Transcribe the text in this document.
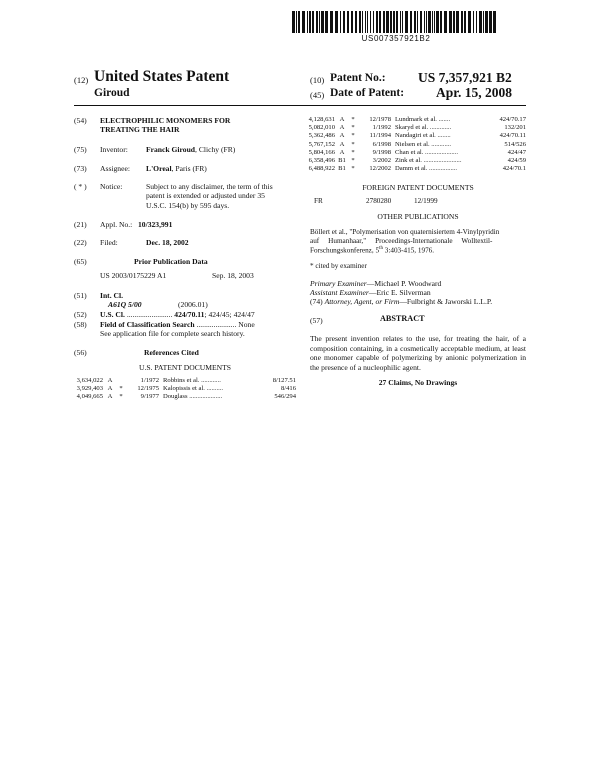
US007357921B2
(12) United States Patent
Giroud
(10) Patent No.: US 7,357,921 B2
(45) Date of Patent: Apr. 15, 2008
(54)	ELECTROPHILIC MONOMERS FOR
TREATING THE HAIR
(75)	Inventor: Franck Giroud, Clichy (FR)
(73)	Assignee: L'Oreal, Paris (FR)
( * )	Notice:	Subject to any disclaimer, the term of this
patent is extended or adjusted under 35
U.S.C. 154(b) by 595 days.
(21)	Appl. No.: 10/323,991
(22)	Filed:	Dec. 18, 2002
(65)	Prior Publication Data
US 2003/0175229 A1	Sep. 18, 2003
(51)	Int. Cl.
A61Q 5/00	(2006.01)
(52)	U.S. Cl. ........................ 424/70.11; 424/45; 424/47
(58)	Field of Classification Search ..................... None
See application file for complete search history.
(56)	References Cited
U.S. PATENT DOCUMENTS
3,634,022 A	1/1972 Robbins et al. ............	8/127.51
3,929,403 A	*	12/1975 Kalopissis et al. ..........	8/416
4,049,665 A	*	9/1977 Douglass ....................	546/294
4,128,631 A	*	12/1978 Lundmark et al. .......	424/70.17
5,082,010 A	*	1/1992 Skaryd et al. .............	132/201
5,362,486 A	*	11/1994 Nandagiri et al. ........	424/70.11
5,767,152 A	*	6/1998 Nielsen et al. ............	514/526
5,804,166 A	*	9/1998 Chan et al. ....................	424/47
6,358,496 B1 *	3/2002 Zink et al. .......................	424/59
6,488,922 B1 *	12/2002 Damm et al. .................	424/70.1
FOREIGN PATENT DOCUMENTS
FR	2780280	12/1999
OTHER PUBLICATIONS
Böllert et al., "Polymerisation von quaternisiertem 4-Vinylpyridin
auf     Humanhaar,"     Proceedings-Internationale     Wolltextil-
Forschungskonferenz, 5th 3:403-415, 1976.
* cited by examiner
Primary Examiner—Michael P. Woodward
Assistant Examiner—Eric E. Silverman
(74) Attorney, Agent, or Firm—Fulbright & Jaworski L.L.P.
(57)	ABSTRACT
The present invention relates to the use, for treating the hair, of a composition containing, in a cosmetically acceptable medium, at least one monomer capable of polymerizing by anionic polymerization in the presence of a nucleophilic agent.
27 Claims, No Drawings
